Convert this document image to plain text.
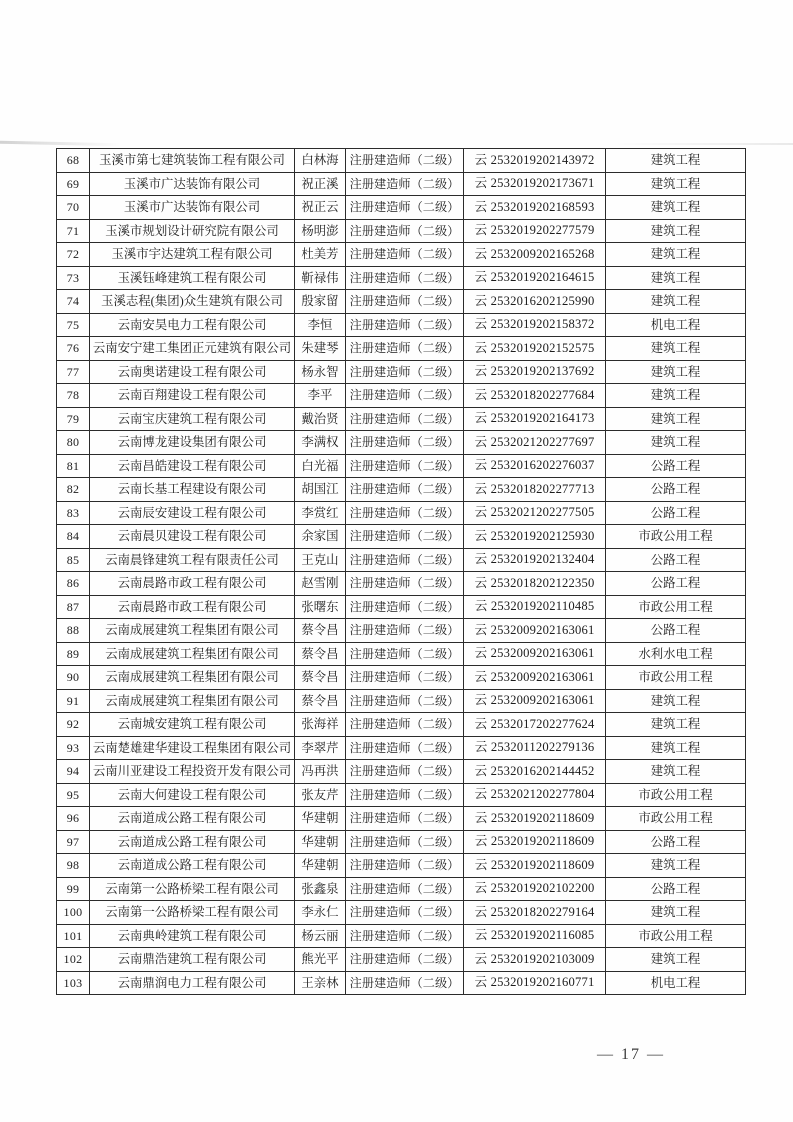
68	玉溪市第七建筑装饰工程有限公司	白林海	注册建造师（二级）	云 2532019202143972	建筑工程
69	玉溪市广达装饰有限公司	祝正溪	注册建造师（二级）	云 2532019202173671	建筑工程
70	玉溪市广达装饰有限公司	祝正云	注册建造师（二级）	云 2532019202168593	建筑工程
71	玉溪市规划设计研究院有限公司	杨明澎	注册建造师（二级）	云 2532019202277579	建筑工程
72	玉溪市宇达建筑工程有限公司	杜美芳	注册建造师（二级）	云 2532009202165268	建筑工程
73	玉溪钰峰建筑工程有限公司	靳禄伟	注册建造师（二级）	云 2532019202164615	建筑工程
74	玉溪志程(集团)众生建筑有限公司	殷家留	注册建造师（二级）	云 2532016202125990	建筑工程
75	云南安昊电力工程有限公司	李恒	注册建造师（二级）	云 2532019202158372	机电工程
76	云南安宁建工集团正元建筑有限公司	朱建琴	注册建造师（二级）	云 2532019202152575	建筑工程
77	云南奥诺建设工程有限公司	杨永智	注册建造师（二级）	云 2532019202137692	建筑工程
78	云南百翔建设工程有限公司	李平	注册建造师（二级）	云 2532018202277684	建筑工程
79	云南宝庆建筑工程有限公司	戴治贤	注册建造师（二级）	云 2532019202164173	建筑工程
80	云南博龙建设集团有限公司	李满权	注册建造师（二级）	云 2532021202277697	建筑工程
81	云南昌皓建设工程有限公司	白光福	注册建造师（二级）	云 2532016202276037	公路工程
82	云南长基工程建设有限公司	胡国江	注册建造师（二级）	云 2532018202277713	公路工程
83	云南辰安建设工程有限公司	李赏红	注册建造师（二级）	云 2532021202277505	公路工程
84	云南晨贝建设工程有限公司	余家国	注册建造师（二级）	云 2532019202125930	市政公用工程
85	云南晨锋建筑工程有限责任公司	王克山	注册建造师（二级）	云 2532019202132404	公路工程
86	云南晨路市政工程有限公司	赵雪刚	注册建造师（二级）	云 2532018202122350	公路工程
87	云南晨路市政工程有限公司	张曙东	注册建造师（二级）	云 2532019202110485	市政公用工程
88	云南成展建筑工程集团有限公司	蔡令昌	注册建造师（二级）	云 2532009202163061	公路工程
89	云南成展建筑工程集团有限公司	蔡令昌	注册建造师（二级）	云 2532009202163061	水利水电工程
90	云南成展建筑工程集团有限公司	蔡令昌	注册建造师（二级）	云 2532009202163061	市政公用工程
91	云南成展建筑工程集团有限公司	蔡令昌	注册建造师（二级）	云 2532009202163061	建筑工程
92	云南城安建筑工程有限公司	张海祥	注册建造师（二级）	云 2532017202277624	建筑工程
93	云南楚雄建华建设工程集团有限公司	李翠芹	注册建造师（二级）	云 2532011202279136	建筑工程
94	云南川亚建设工程投资开发有限公司	冯再洪	注册建造师（二级）	云 2532016202144452	建筑工程
95	云南大何建设工程有限公司	张友芹	注册建造师（二级）	云 2532021202277804	市政公用工程
96	云南道成公路工程有限公司	华建朝	注册建造师（二级）	云 2532019202118609	市政公用工程
97	云南道成公路工程有限公司	华建朝	注册建造师（二级）	云 2532019202118609	公路工程
98	云南道成公路工程有限公司	华建朝	注册建造师（二级）	云 2532019202118609	建筑工程
99	云南第一公路桥梁工程有限公司	张鑫泉	注册建造师（二级）	云 2532019202102200	公路工程
100	云南第一公路桥梁工程有限公司	李永仁	注册建造师（二级）	云 2532018202279164	建筑工程
101	云南典岭建筑工程有限公司	杨云丽	注册建造师（二级）	云 2532019202116085	市政公用工程
102	云南鼎浩建筑工程有限公司	熊光平	注册建造师（二级）	云 2532019202103009	建筑工程
103	云南鼎润电力工程有限公司	王亲林	注册建造师（二级）	云 2532019202160771	机电工程
— 17 —
